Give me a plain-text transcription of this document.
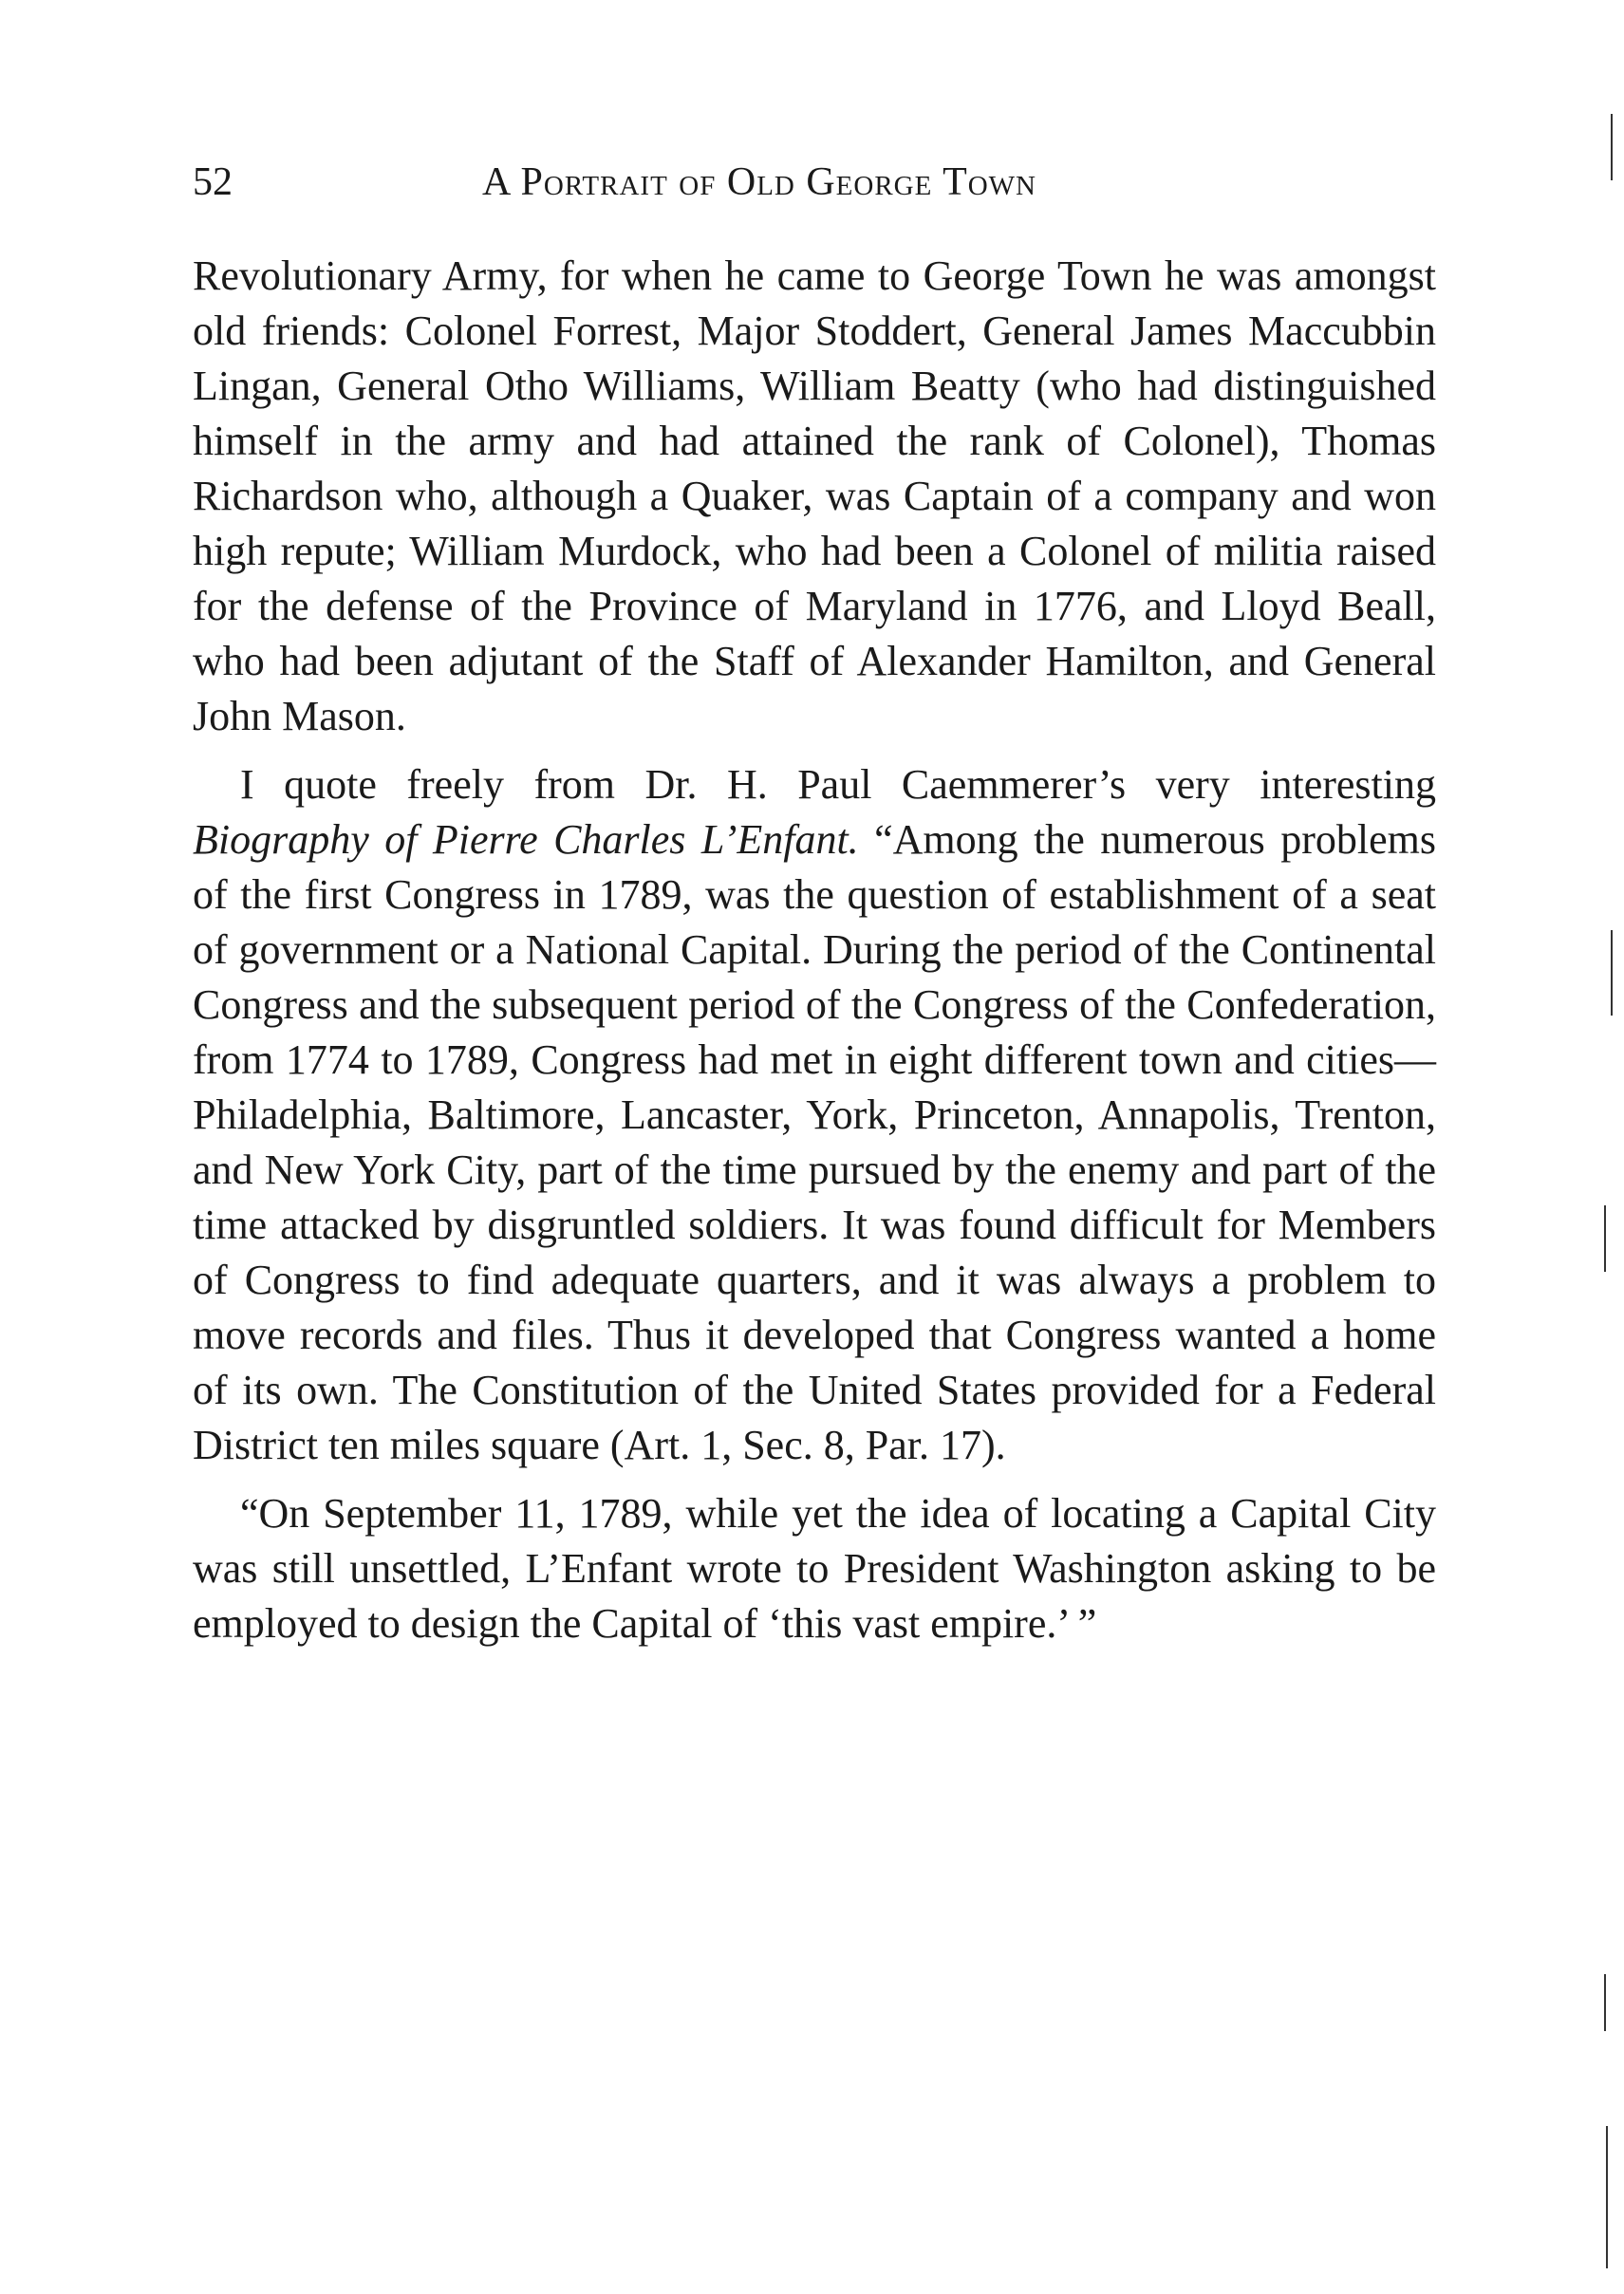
52	A Portrait of Old George Town

Revolutionary Army, for when he came to George Town he was amongst old friends: Colonel Forrest, Major Stoddert, General James Maccubbin Lingan, General Otho Williams, William Beatty (who had distinguished himself in the army and had attained the rank of Colonel), Thomas Richardson who, although a Quaker, was Captain of a company and won high repute; William Murdock, who had been a Colonel of militia raised for the defense of the Province of Maryland in 1776, and Lloyd Beall, who had been adjutant of the Staff of Alexander Hamilton, and General John Mason.

I quote freely from Dr. H. Paul Caemmerer’s very interesting Biography of Pierre Charles L’Enfant. “Among the numerous problems of the first Congress in 1789, was the question of establishment of a seat of government or a National Capital. During the period of the Continental Congress and the subsequent period of the Congress of the Confederation, from 1774 to 1789, Congress had met in eight different town and cities—Philadelphia, Baltimore, Lancaster, York, Princeton, Annapolis, Trenton, and New York City, part of the time pursued by the enemy and part of the time attacked by disgruntled soldiers. It was found difficult for Members of Congress to find adequate quarters, and it was always a problem to move records and files. Thus it developed that Congress wanted a home of its own. The Constitution of the United States provided for a Federal District ten miles square (Art. 1, Sec. 8, Par. 17).

“On September 11, 1789, while yet the idea of locating a Capital City was still unsettled, L’Enfant wrote to President Washington asking to be employed to design the Capital of ‘this vast empire.’ ”
